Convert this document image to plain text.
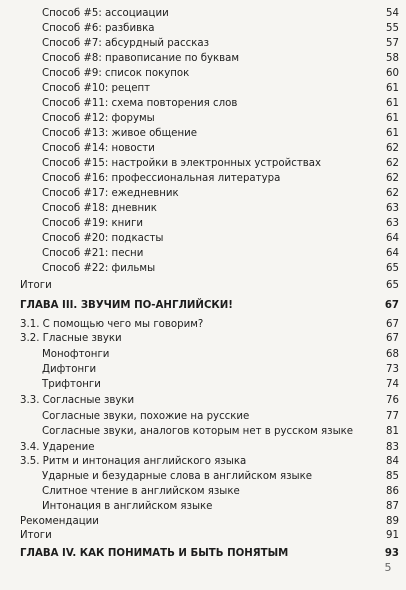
Способ #5: ассоциации	54
Способ #6: разбивка	55
Способ #7: абсурдный рассказ	57
Способ #8: правописание по буквам	58
Способ #9: список покупок	60
Способ #10: рецепт	61
Способ #11: схема повторения слов	61
Способ #12: форумы	61
Способ #13: живое общение	61
Способ #14: новости	62
Способ #15: настройки в электронных устройствах	62
Способ #16: профессиональная литература	62
Способ #17: ежедневник	62
Способ #18: дневник	63
Способ #19: книги	63
Способ #20: подкасты	64
Способ #21: песни	64
Способ #22: фильмы	65
Итоги	65
ГЛАВА III. ЗВУЧИМ ПО-АНГЛИЙСКИ!	67
3.1. С помощью чего мы говорим?	67
3.2. Гласные звуки	67
Монофтонги	68
Дифтонги	73
Трифтонги	74
3.3. Согласные звуки	76
Согласные звуки, похожие на русские	77
Согласные звуки, аналогов которым нет в русском языке	81
3.4. Ударение	83
3.5. Ритм и интонация английского языка	84
Ударные и безударные слова в английском языке	85
Слитное чтение в английском языке	86
Интонация в английском языке	87
Рекомендации	89
Итоги	91
ГЛАВА IV. КАК ПОНИМАТЬ И БЫТЬ ПОНЯТЫМ	93
5
